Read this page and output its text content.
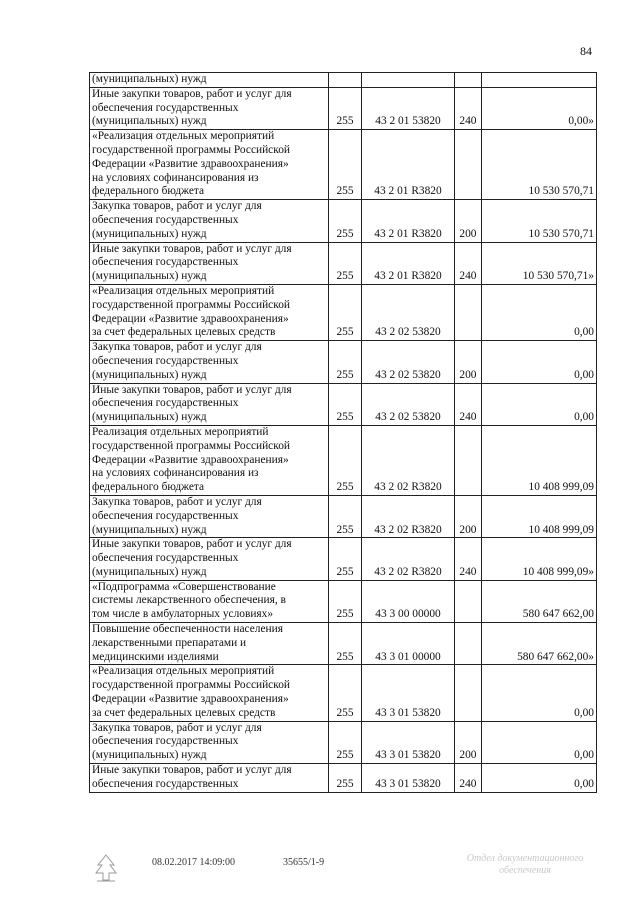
84
(муниципальных) нужд				

Иные закупки товаров, работ и услуг для
обеспечения государственных
(муниципальных) нужд	255	43 2 01 53820	240	0,00»

«Реализация отдельных мероприятий
государственной программы Российской
Федерации «Развитие здравоохранения»
на условиях софинансирования из
федерального бюджета	255	43 2 01 R3820		10 530 570,71

Закупка товаров, работ и услуг для
обеспечения государственных
(муниципальных) нужд	255	43 2 01 R3820	200	10 530 570,71

Иные закупки товаров, работ и услуг для
обеспечения государственных
(муниципальных) нужд	255	43 2 01 R3820	240	10 530 570,71»

«Реализация отдельных мероприятий
государственной программы Российской
Федерации «Развитие здравоохранения»
за счет федеральных целевых средств	255	43 2 02 53820		0,00

Закупка товаров, работ и услуг для
обеспечения государственных
(муниципальных) нужд	255	43 2 02 53820	200	0,00

Иные закупки товаров, работ и услуг для
обеспечения государственных
(муниципальных) нужд	255	43 2 02 53820	240	0,00

Реализация отдельных мероприятий
государственной программы Российской
Федерации «Развитие здравоохранения»
на условиях софинансирования из
федерального бюджета	255	43 2 02 R3820		10 408 999,09

Закупка товаров, работ и услуг для
обеспечения государственных
(муниципальных) нужд	255	43 2 02 R3820	200	10 408 999,09

Иные закупки товаров, работ и услуг для
обеспечения государственных
(муниципальных) нужд	255	43 2 02 R3820	240	10 408 999,09»

«Подпрограмма «Совершенствование
системы лекарственного обеспечения, в
том числе в амбулаторных условиях»	255	43 3 00 00000		580 647 662,00

Повышение обеспеченности населения
лекарственными препаратами и
медицинскими изделиями	255	43 3 01 00000		580 647 662,00»

«Реализация отдельных мероприятий
государственной программы Российской
Федерации «Развитие здравоохранения»
за счет федеральных целевых средств	255	43 3 01 53820		0,00

Закупка товаров, работ и услуг для
обеспечения государственных
(муниципальных) нужд	255	43 3 01 53820	200	0,00

Иные закупки товаров, работ и услуг для
обеспечения государственных	255	43 3 01 53820	240	0,00
08.02.2017 14:09:00	35655/1-9	Отдел документационного
обеспечения
